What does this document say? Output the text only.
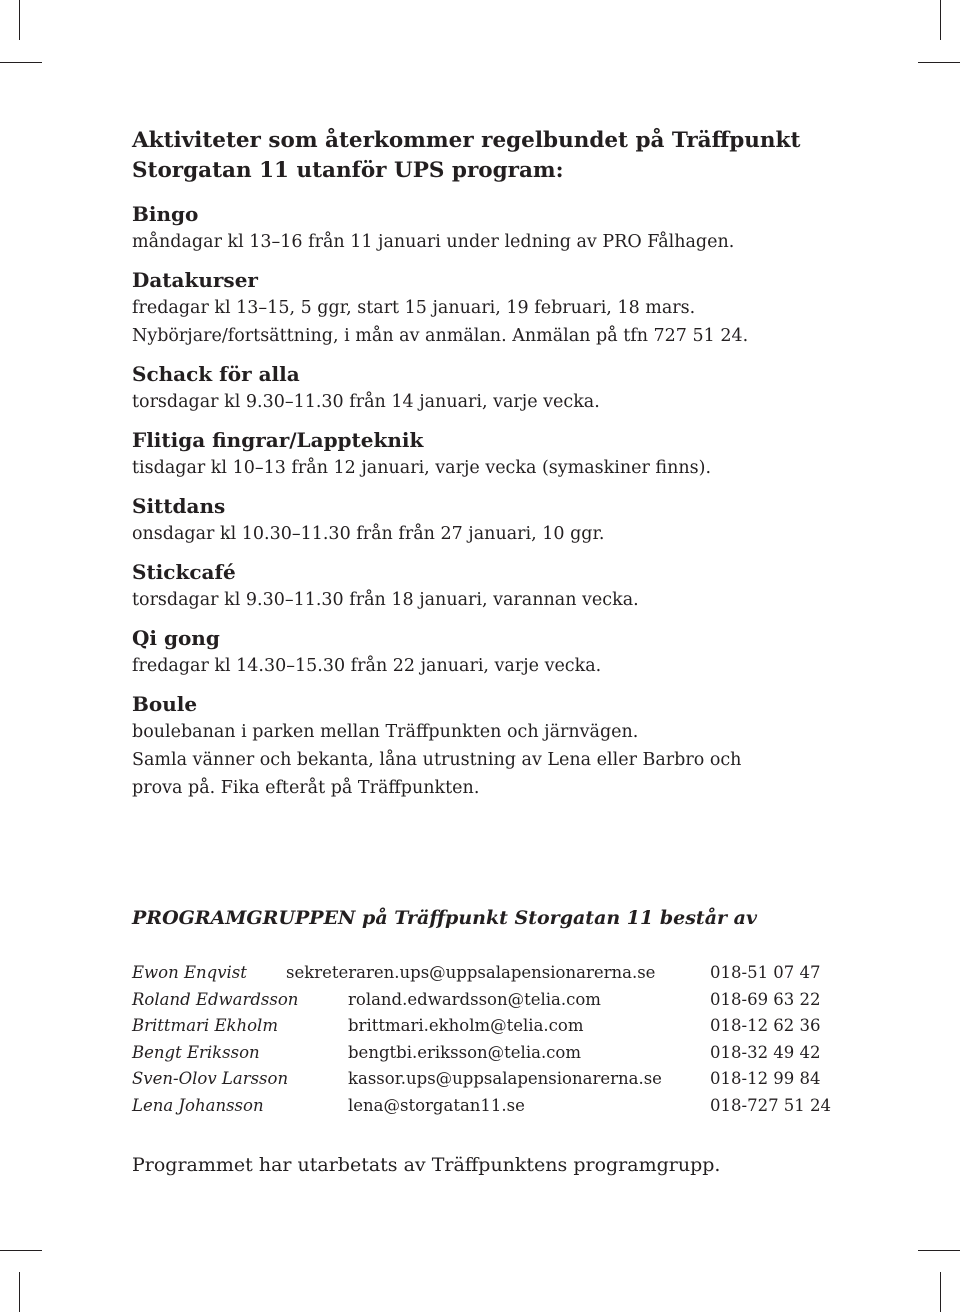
Aktiviteter som återkommer regelbundet på Träffpunkt
Storgatan 11 utanför UPS program:
Bingo
måndagar kl 13–16 från 11 januari under ledning av PRO Fålhagen.
Datakurser
fredagar kl 13–15, 5 ggr, start 15 januari, 19 februari, 18 mars.
Nybörjare/fortsättning, i mån av anmälan. Anmälan på tfn 727 51 24.
Schack för alla
torsdagar kl 9.30–11.30 från 14 januari, varje vecka.
Flitiga fingrar/Lappteknik
tisdagar kl 10–13 från 12 januari, varje vecka (symaskiner finns).
Sittdans
onsdagar kl 10.30–11.30 från från 27 januari, 10 ggr.
Stickcafé
torsdagar kl 9.30–11.30 från 18 januari, varannan vecka.
Qi gong
fredagar kl 14.30–15.30 från 22 januari, varje vecka.
Boule
boulebanan i parken mellan Träffpunkten och järnvägen.
Samla vänner och bekanta, låna utrustning av Lena eller Barbro och
prova på. Fika efteråt på Träffpunkten.
PROGRAMGRUPPEN på Träffpunkt Storgatan 11 består av
Ewon Enqvist sekreteraren.ups@uppsalapensionarerna.se	018-51 07 47
Roland Edwardsson	roland.edwardsson@telia.com	018-69 63 22
Brittmari Ekholm	brittmari.ekholm@telia.com	018-12 62 36
Bengt Eriksson	bengtbi.eriksson@telia.com	018-32 49 42
Sven-Olov Larsson	kassor.ups@uppsalapensionarerna.se	018-12 99 84
Lena Johansson	lena@storgatan11.se	018-727 51 24
Programmet har utarbetats av Träffpunktens programgrupp.
